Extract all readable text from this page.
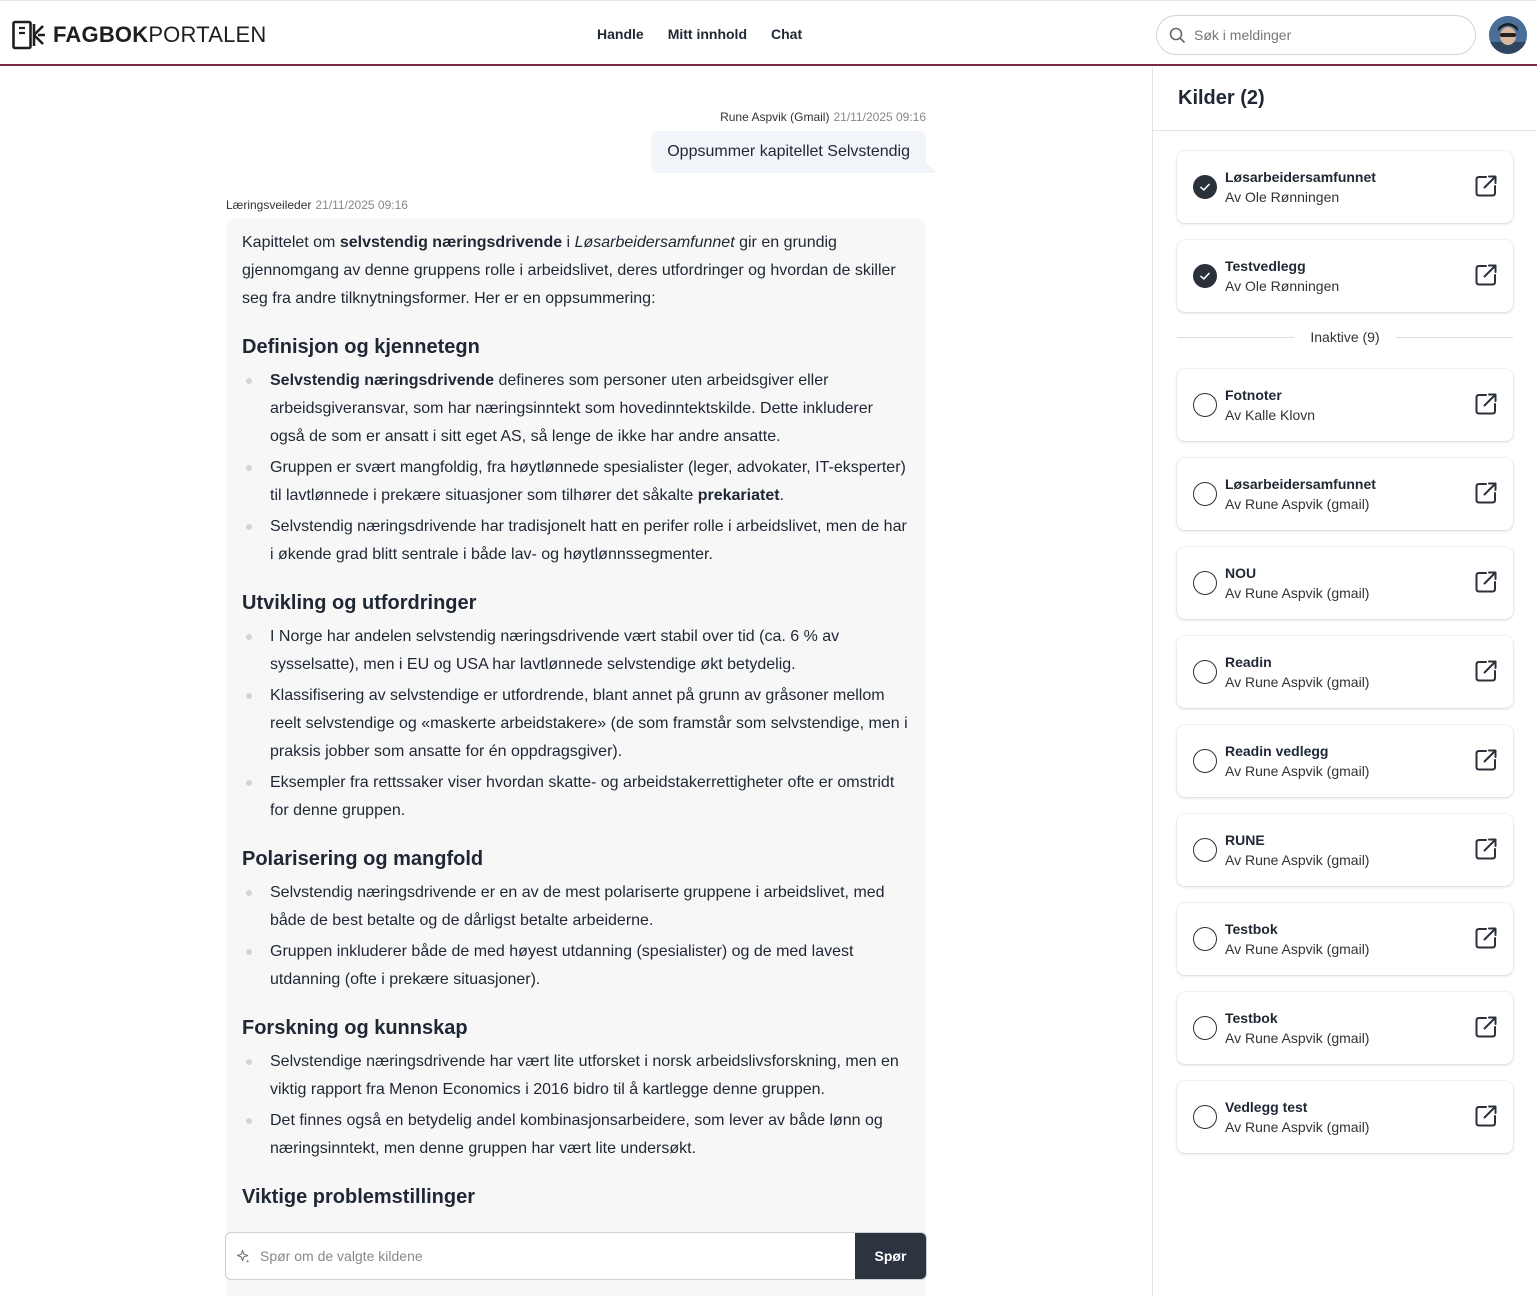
FAGBOKPORTALEN	Handle Mitt innhold Chat
Søk i meldinger
Rune Aspvik (Gmail) 21/11/2025 09:16
Oppsummer kapitellet Selvstendig
Læringsveileder 21/11/2025 09:16

Kapittelet om selvstendig næringsdrivende i Løsarbeidersamfunnet gir en grundig gjennomgang av denne gruppens rolle i arbeidslivet, deres utfordringer og hvordan de skiller seg fra andre tilknytningsformer. Her er en oppsummering:

Definisjon og kjennetegn
Selvstendig næringsdrivende defineres som personer uten arbeidsgiver eller arbeidsgiveransvar, som har næringsinntekt som hovedinntektskilde. Dette inkluderer også de som er ansatt i sitt eget AS, så lenge de ikke har andre ansatte.
Gruppen er svært mangfoldig, fra høytlønnede spesialister (leger, advokater, IT-eksperter) til lavtlønnede i prekære situasjoner som tilhører det såkalte prekariatet.
Selvstendig næringsdrivende har tradisjonelt hatt en perifer rolle i arbeidslivet, men de har i økende grad blitt sentrale i både lav- og høytlønnssegmenter.
Utvikling og utfordringer
I Norge har andelen selvstendig næringsdrivende vært stabil over tid (ca. 6 % av sysselsatte), men i EU og USA har lavtlønnede selvstendige økt betydelig.
Klassifisering av selvstendige er utfordrende, blant annet på grunn av gråsoner mellom reelt selvstendige og «maskerte arbeidstakere» (de som framstår som selvstendige, men i praksis jobber som ansatte for én oppdragsgiver).
Eksempler fra rettssaker viser hvordan skatte- og arbeidstakerrettigheter ofte er omstridt for denne gruppen.
Polarisering og mangfold
Selvstendig næringsdrivende er en av de mest polariserte gruppene i arbeidslivet, med både de best betalte og de dårligst betalte arbeiderne.
Gruppen inkluderer både de med høyest utdanning (spesialister) og de med lavest utdanning (ofte i prekære situasjoner).
Forskning og kunnskap
Selvstendige næringsdrivende har vært lite utforsket i norsk arbeidslivsforskning, men en viktig rapport fra Menon Economics i 2016 bidro til å kartlegge denne gruppen.
Det finnes også en betydelig andel kombinasjonsarbeidere, som lever av både lønn og næringsinntekt, men denne gruppen har vært lite undersøkt.
Viktige problemstillinger
Spør om de valgte kildene
Spør
Kilder (2)
Løsarbeidersamfunnet
Av Ole Rønningen
Testvedlegg
Av Ole Rønningen
Inaktive (9)
Fotnoter
Av Kalle Klovn
Løsarbeidersamfunnet
Av Rune Aspvik (gmail)
NOU
Av Rune Aspvik (gmail)
Readin
Av Rune Aspvik (gmail)
Readin vedlegg
Av Rune Aspvik (gmail)
RUNE
Av Rune Aspvik (gmail)
Testbok
Av Rune Aspvik (gmail)
Testbok
Av Rune Aspvik (gmail)
Vedlegg test
Av Rune Aspvik (gmail)
